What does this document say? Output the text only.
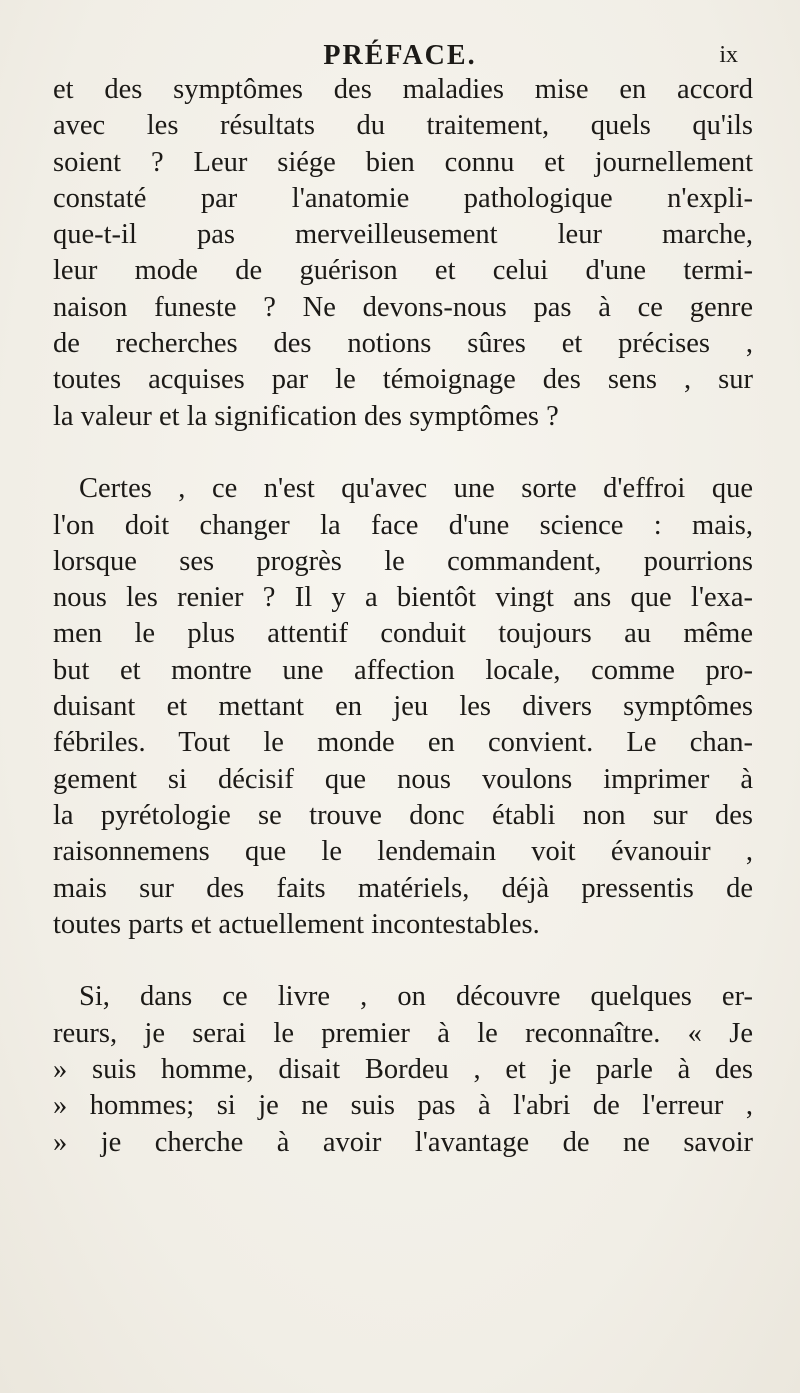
PRÉFACE.	ix
et des symptômes des maladies mise en accord
avec les résultats du traitement, quels qu'ils
soient ? Leur siége bien connu et journellement
constaté par l'anatomie pathologique n'expli-
que-t-il pas merveilleusement leur marche,
leur mode de guérison et celui d'une termi-
naison funeste ? Ne devons-nous pas à ce genre
de recherches des notions sûres et précises ,
toutes acquises par le témoignage des sens , sur
la valeur et la signification des symptômes ?
Certes , ce n'est qu'avec une sorte d'effroi que
l'on doit changer la face d'une science : mais,
lorsque ses progrès le commandent, pourrions
nous les renier ? Il y a bientôt vingt ans que l'exa-
men le plus attentif conduit toujours au même
but et montre une affection locale, comme pro-
duisant et mettant en jeu les divers symptômes
fébriles. Tout le monde en convient. Le chan-
gement si décisif que nous voulons imprimer à
la pyrétologie se trouve donc établi non sur des
raisonnemens que le lendemain voit évanouir ,
mais sur des faits matériels, déjà pressentis de
toutes parts et actuellement incontestables.
Si, dans ce livre , on découvre quelques er-
reurs, je serai le premier à le reconnaître. « Je
» suis homme, disait Bordeu , et je parle à des
» hommes; si je ne suis pas à l'abri de l'erreur ,
» je cherche à avoir l'avantage de ne savoir
